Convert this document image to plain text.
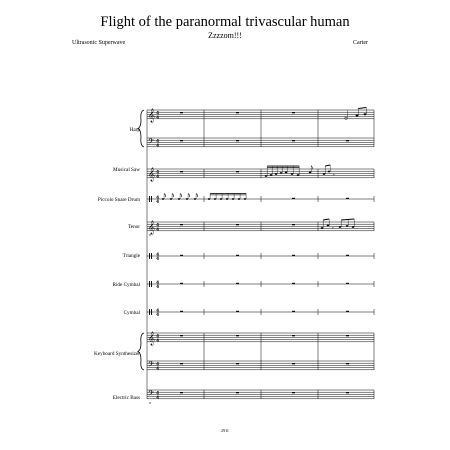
Flight of the paranormal trivascular human
Zzzzom!!!
Ultrasonic Superwave	Carter
Harp
Musical Saw
Piccolo Snare Drum
Tenor
Triangle
Ride Cymbal
Cymbal
Keyboard Synthesizer
Electric Bass
𝄞
𝄢
𝄞
𝄞
𝄞
𝄢
𝄢
4
4
4
4
4
4
4
4
4
4
4
4
4
4
4
4
4
4
4
4
4
4
𝄾
𝄾
8
8
2911
